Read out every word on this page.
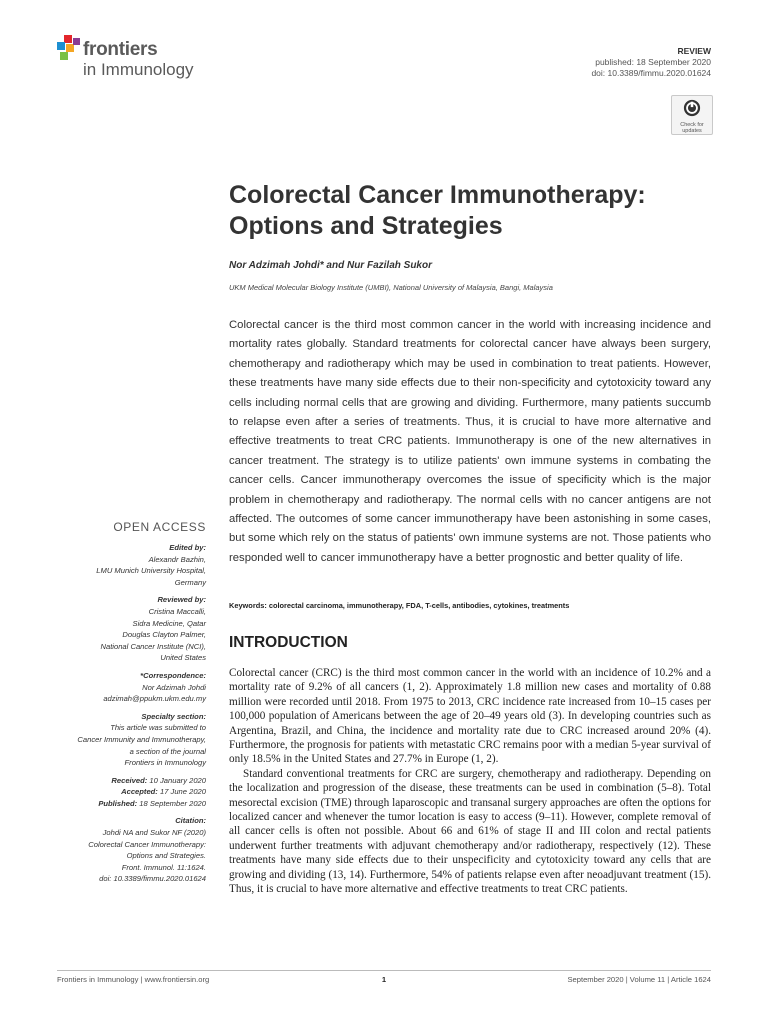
frontiers
in Immunology
REVIEW
published: 18 September 2020
doi: 10.3389/fimmu.2020.01624
Check for updates
Colorectal Cancer Immunotherapy: Options and Strategies
Nor Adzimah Johdi* and Nur Fazilah Sukor
UKM Medical Molecular Biology Institute (UMBI), National University of Malaysia, Bangi, Malaysia

Colorectal cancer is the third most common cancer in the world with increasing incidence and mortality rates globally. Standard treatments for colorectal cancer have always been surgery, chemotherapy and radiotherapy which may be used in combination to treat patients. However, these treatments have many side effects due to their non-specificity and cytotoxicity toward any cells including normal cells that are growing and dividing. Furthermore, many patients succumb to relapse even after a series of treatments. Thus, it is crucial to have more alternative and effective treatments to treat CRC patients. Immunotherapy is one of the new alternatives in cancer treatment. The strategy is to utilize patients' own immune systems in combating the cancer cells. Cancer immunotherapy overcomes the issue of specificity which is the major problem in chemotherapy and radiotherapy. The normal cells with no cancer antigens are not affected. The outcomes of some cancer immunotherapy have been astonishing in some cases, but some which rely on the status of patients' own immune systems are not. Those patients who responded well to cancer immunotherapy have a better prognostic and better quality of life.

Keywords: colorectal carcinoma, immunotherapy, FDA, T-cells, antibodies, cytokines, treatments
INTRODUCTION

Colorectal cancer (CRC) is the third most common cancer in the world with an incidence of 10.2% and a mortality rate of 9.2% of all cancers (1, 2). Approximately 1.8 million new cases and mortality of 0.88 million were recorded until 2018. From 1975 to 2013, CRC incidence rate increased from 10–15 cases per 100,000 population of Americans between the age of 20–49 years old (3). In developing countries such as Argentina, Brazil, and China, the incidence and mortality rate due to CRC increased around 20% (4). Furthermore, the prognosis for patients with metastatic CRC remains poor with a median 5-year survival of only 18.5% in the United States and 27.7% in Europe (1, 2).

Standard conventional treatments for CRC are surgery, chemotherapy and radiotherapy. Depending on the localization and progression of the disease, these treatments can be used in combination (5–8). Total mesorectal excision (TME) through laparoscopic and transanal surgery approaches are often the options for localized cancer and whenever the tumor location is easy to access (9–11). However, complete removal of all cancer cells is often not possible. About 66 and 61% of stage II and III colon and rectal patients underwent further treatments with adjuvant chemotherapy and/or radiotherapy, respectively (12). These treatments have many side effects due to their unspecificity and cytotoxicity toward any cells that are growing and dividing (13, 14). Furthermore, 54% of patients relapse even after neoadjuvant treatment (15). Thus, it is crucial to have more alternative and effective treatments to treat CRC patients.

OPEN ACCESS
Edited by:
Alexandr Bazhin,
LMU Munich University Hospital,
Germany
Reviewed by:
Cristina Maccalli,
Sidra Medicine, Qatar
Douglas Clayton Palmer,
National Cancer Institute (NCI),
United States
*Correspondence:
Nor Adzimah Johdi
adzimah@ppukm.ukm.edu.my
Specialty section:
This article was submitted to
Cancer Immunity and Immunotherapy,
a section of the journal
Frontiers in Immunology
Received: 10 January 2020
Accepted: 17 June 2020
Published: 18 September 2020
Citation:
Johdi NA and Sukor NF (2020)
Colorectal Cancer Immunotherapy:
Options and Strategies.
Front. Immunol. 11:1624.
doi: 10.3389/fimmu.2020.01624
Frontiers in Immunology | www.frontiersin.org	1	September 2020 | Volume 11 | Article 1624
